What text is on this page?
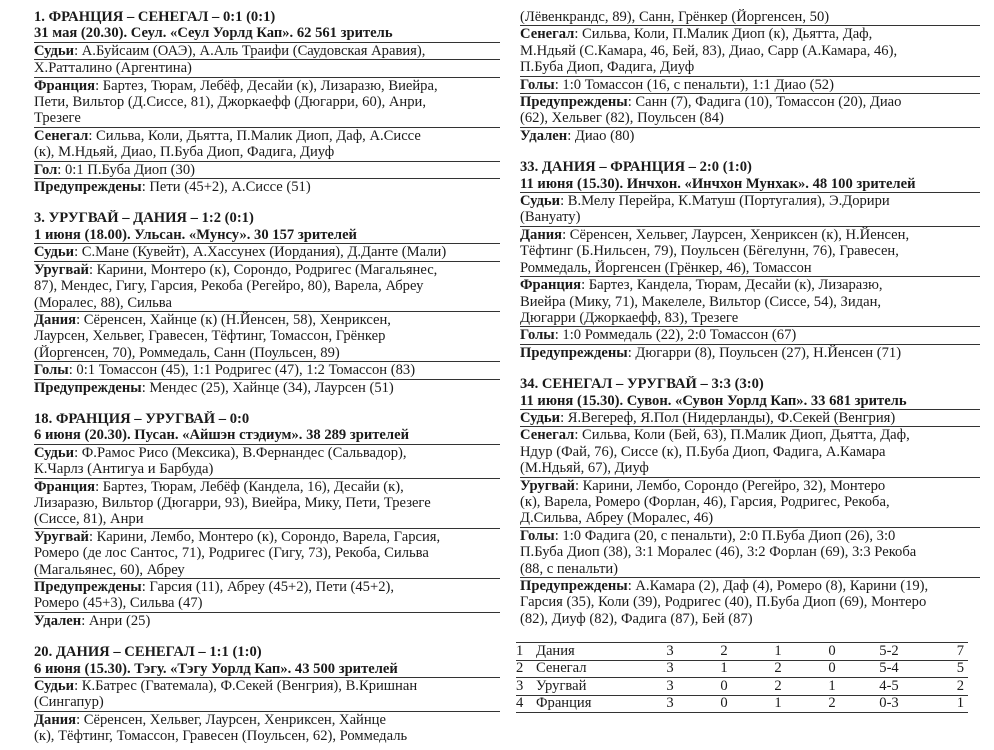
1. ФРАНЦИЯ – СЕНЕГАЛ – 0:1 (0:1)
31 мая (20.30). Сеул. «Сеул Уорлд Кап». 62 561 зритель
Судьи: А.Буйсаим (ОАЭ), А.Аль Траифи (Саудовская Аравия),
Х.Ратталино (Аргентина)
Франция: Бартез, Тюрам, Лебёф, Десайи (к), Лизаразю, Виейра,
Пети, Вильтор (Д.Сиссе, 81), Джоркаефф (Дюгарри, 60), Анри,
Трезеге
Сенегал: Сильва, Коли, Дьятта, П.Малик Диоп, Даф, А.Сиссе
(к), М.Ндьяй, Диао, П.Буба Диоп, Фадига, Диуф
Гол: 0:1 П.Буба Диоп (30)
Предупреждены: Пети (45+2), А.Сиссе (51)
3. УРУГВАЙ – ДАНИЯ – 1:2 (0:1)
1 июня (18.00). Ульсан. «Мунсу». 30 157 зрителей
Судьи: С.Мане (Кувейт), А.Хассунех (Иордания), Д.Данте (Мали)
Уругвай: Карини, Монтеро (к), Сорондо, Родригес (Магальянес,
87), Мендес, Гигу, Гарсия, Рекоба (Регейро, 80), Варела, Абреу
(Моралес, 88), Сильва
Дания: Сёренсен, Хайнце (к) (Н.Йенсен, 58), Хенриксен,
Лаурсен, Хельвег, Гравесен, Тёфтинг, Томассон, Грёнкер
(Йоргенсен, 70), Роммедаль, Санн (Поульсен, 89)
Голы: 0:1 Томассон (45), 1:1 Родригес (47), 1:2 Томассон (83)
Предупреждены: Мендес (25), Хайнце (34), Лаурсен (51)
18. ФРАНЦИЯ – УРУГВАЙ – 0:0
6 июня (20.30). Пусан. «Айшэн стэдиум». 38 289 зрителей
Судьи: Ф.Рамос Рисо (Мексика), В.Фернандес (Сальвадор),
К.Чарлз (Антигуа и Барбуда)
Франция: Бартез, Тюрам, Лебёф (Кандела, 16), Десайи (к),
Лизаразю, Вильтор (Дюгарри, 93), Виейра, Мику, Пети, Трезеге
(Сиссе, 81), Анри
Уругвай: Карини, Лембо, Монтеро (к), Сорондо, Варела, Гарсия,
Ромеро (де лос Сантос, 71), Родригес (Гигу, 73), Рекоба, Сильва
(Магальянес, 60), Абреу
Предупреждены: Гарсия (11), Абреу (45+2), Пети (45+2),
Ромеро (45+3), Сильва (47)
Удален: Анри (25)
20. ДАНИЯ – СЕНЕГАЛ – 1:1 (1:0)
6 июня (15.30). Тэгу. «Тэгу Уорлд Кап». 43 500 зрителей
Судьи: К.Батрес (Гватемала), Ф.Секей (Венгрия), В.Кришнан
(Сингапур)
Дания: Сёренсен, Хельвег, Лаурсен, Хенриксен, Хайнце
(к), Тёфтинг, Томассон, Гравесен (Поульсен, 62), Роммедаль
(Лёвенкрандс, 89), Санн, Грёнкер (Йоргенсен, 50)
Сенегал: Сильва, Коли, П.Малик Диоп (к), Дьятта, Даф,
М.Ндьяй (С.Камара, 46, Бей, 83), Диао, Сарр (А.Камара, 46),
П.Буба Диоп, Фадига, Диуф
Голы: 1:0 Томассон (16, с пенальти), 1:1 Диао (52)
Предупреждены: Санн (7), Фадига (10), Томассон (20), Диао
(62), Хельвег (82), Поульсен (84)
Удален: Диао (80)
33. ДАНИЯ – ФРАНЦИЯ – 2:0 (1:0)
11 июня (15.30). Инчхон. «Инчхон Мунхак». 48 100 зрителей
Судьи: В.Мелу Перейра, К.Матуш (Португалия), Э.Дорири
(Вануату)
Дания: Сёренсен, Хельвег, Лаурсен, Хенриксен (к), Н.Йенсен,
Тёфтинг (Б.Нильсен, 79), Поульсен (Бёгелунн, 76), Гравесен,
Роммедаль, Йоргенсен (Грёнкер, 46), Томассон
Франция: Бартез, Кандела, Тюрам, Десайи (к), Лизаразю,
Виейра (Мику, 71), Макелеле, Вильтор (Сиссе, 54), Зидан,
Дюгарри (Джоркаефф, 83), Трезеге
Голы: 1:0 Роммедаль (22), 2:0 Томассон (67)
Предупреждены: Дюгарри (8), Поульсен (27), Н.Йенсен (71)
34. СЕНЕГАЛ – УРУГВАЙ – 3:3 (3:0)
11 июня (15.30). Сувон. «Сувон Уорлд Кап». 33 681 зритель
Судьи: Я.Вегереф, Я.Пол (Нидерланды), Ф.Секей (Венгрия)
Сенегал: Сильва, Коли (Бей, 63), П.Малик Диоп, Дьятта, Даф,
Ндур (Фай, 76), Сиссе (к), П.Буба Диоп, Фадига, А.Камара
(М.Ндьяй, 67), Диуф
Уругвай: Карини, Лембо, Сорондо (Регейро, 32), Монтеро
(к), Варела, Ромеро (Форлан, 46), Гарсия, Родригес, Рекоба,
Д.Сильва, Абреу (Моралес, 46)
Голы: 1:0 Фадига (20, с пенальти), 2:0 П.Буба Диоп (26), 3:0
П.Буба Диоп (38), 3:1 Моралес (46), 3:2 Форлан (69), 3:3 Рекоба
(88, с пенальти)
Предупреждены: А.Камара (2), Даф (4), Ромеро (8), Карини (19),
Гарсия (35), Коли (39), Родригес (40), П.Буба Диоп (69), Монтеро
(82), Диуф (82), Фадига (87), Бей (87)
1	Дания	3	2	1	0	5-2	7
2	Сенегал	3	1	2	0	5-4	5
3	Уругвай	3	0	2	1	4-5	2
4	Франция	3	0	1	2	0-3	1
